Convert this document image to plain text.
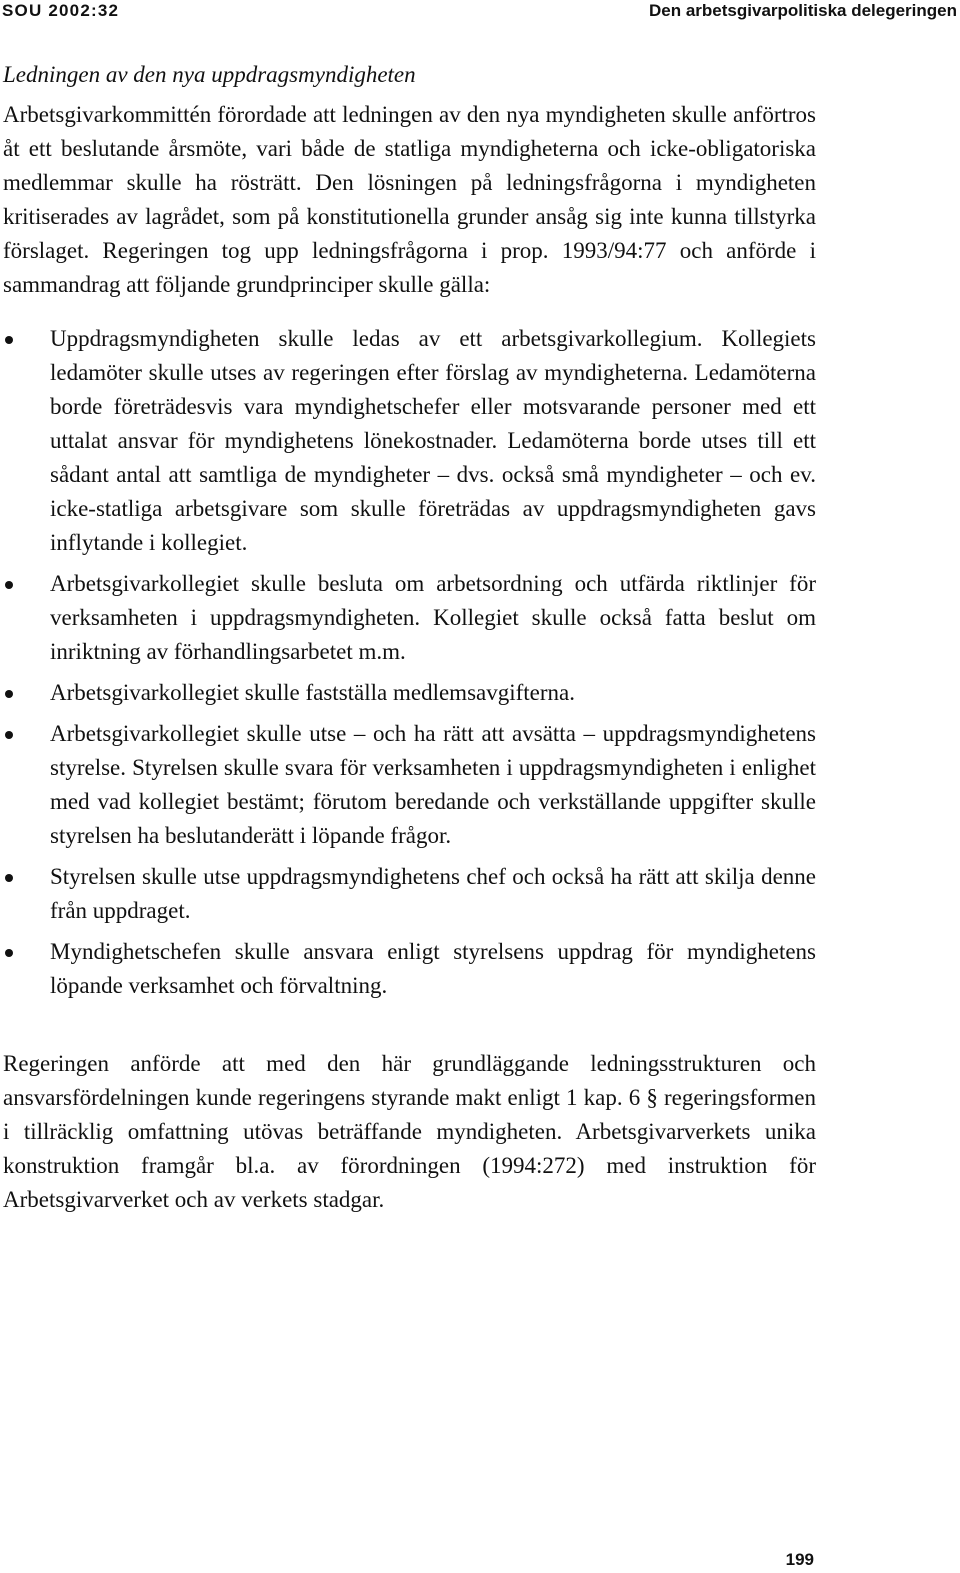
SOU 2002:32	Den arbetsgivarpolitiska delegeringen
Ledningen av den nya uppdragsmyndigheten

Arbetsgivarkommittén förordade att ledningen av den nya myndigheten skulle anförtros åt ett beslutande årsmöte, vari både de statliga myndigheterna och icke-obligatoriska medlemmar skulle ha rösträtt. Den lösningen på ledningsfrågorna i myndigheten kritiserades av lagrådet, som på konstitutionella grunder ansåg sig inte kunna tillstyrka förslaget. Regeringen tog upp ledningsfrågorna i prop. 1993/94:77 och anförde i sammandrag att följande grundprinciper skulle gälla:

Uppdragsmyndigheten skulle ledas av ett arbetsgivarkollegium. Kollegiets ledamöter skulle utses av regeringen efter förslag av myndigheterna. Ledamöterna borde företrädesvis vara myndighetschefer eller motsvarande personer med ett uttalat ansvar för myndighetens lönekostnader. Ledamöterna borde utses till ett sådant antal att samtliga de myndigheter – dvs. också små myndigheter – och ev. icke-statliga arbetsgivare som skulle företrädas av uppdragsmyndigheten gavs inflytande i kollegiet.
Arbetsgivarkollegiet skulle besluta om arbetsordning och utfärda riktlinjer för verksamheten i uppdragsmyndigheten. Kollegiet skulle också fatta beslut om inriktning av förhandlingsarbetet m.m.
Arbetsgivarkollegiet skulle fastställa medlemsavgifterna.
Arbetsgivarkollegiet skulle utse – och ha rätt att avsätta – uppdragsmyndighetens styrelse. Styrelsen skulle svara för verksamheten i uppdragsmyndigheten i enlighet med vad kollegiet bestämt; förutom beredande och verkställande uppgifter skulle styrelsen ha beslutanderätt i löpande frågor.
Styrelsen skulle utse uppdragsmyndighetens chef och också ha rätt att skilja denne från uppdraget.
Myndighetschefen skulle ansvara enligt styrelsens uppdrag för myndighetens löpande verksamhet och förvaltning.

Regeringen anförde att med den här grundläggande ledningsstrukturen och ansvarsfördelningen kunde regeringens styrande makt enligt 1 kap. 6 § regeringsformen i tillräcklig omfattning utövas beträffande myndigheten. Arbetsgivarverkets unika konstruktion framgår bl.a. av förordningen (1994:272) med instruktion för Arbetsgivarverket och av verkets stadgar.

199
